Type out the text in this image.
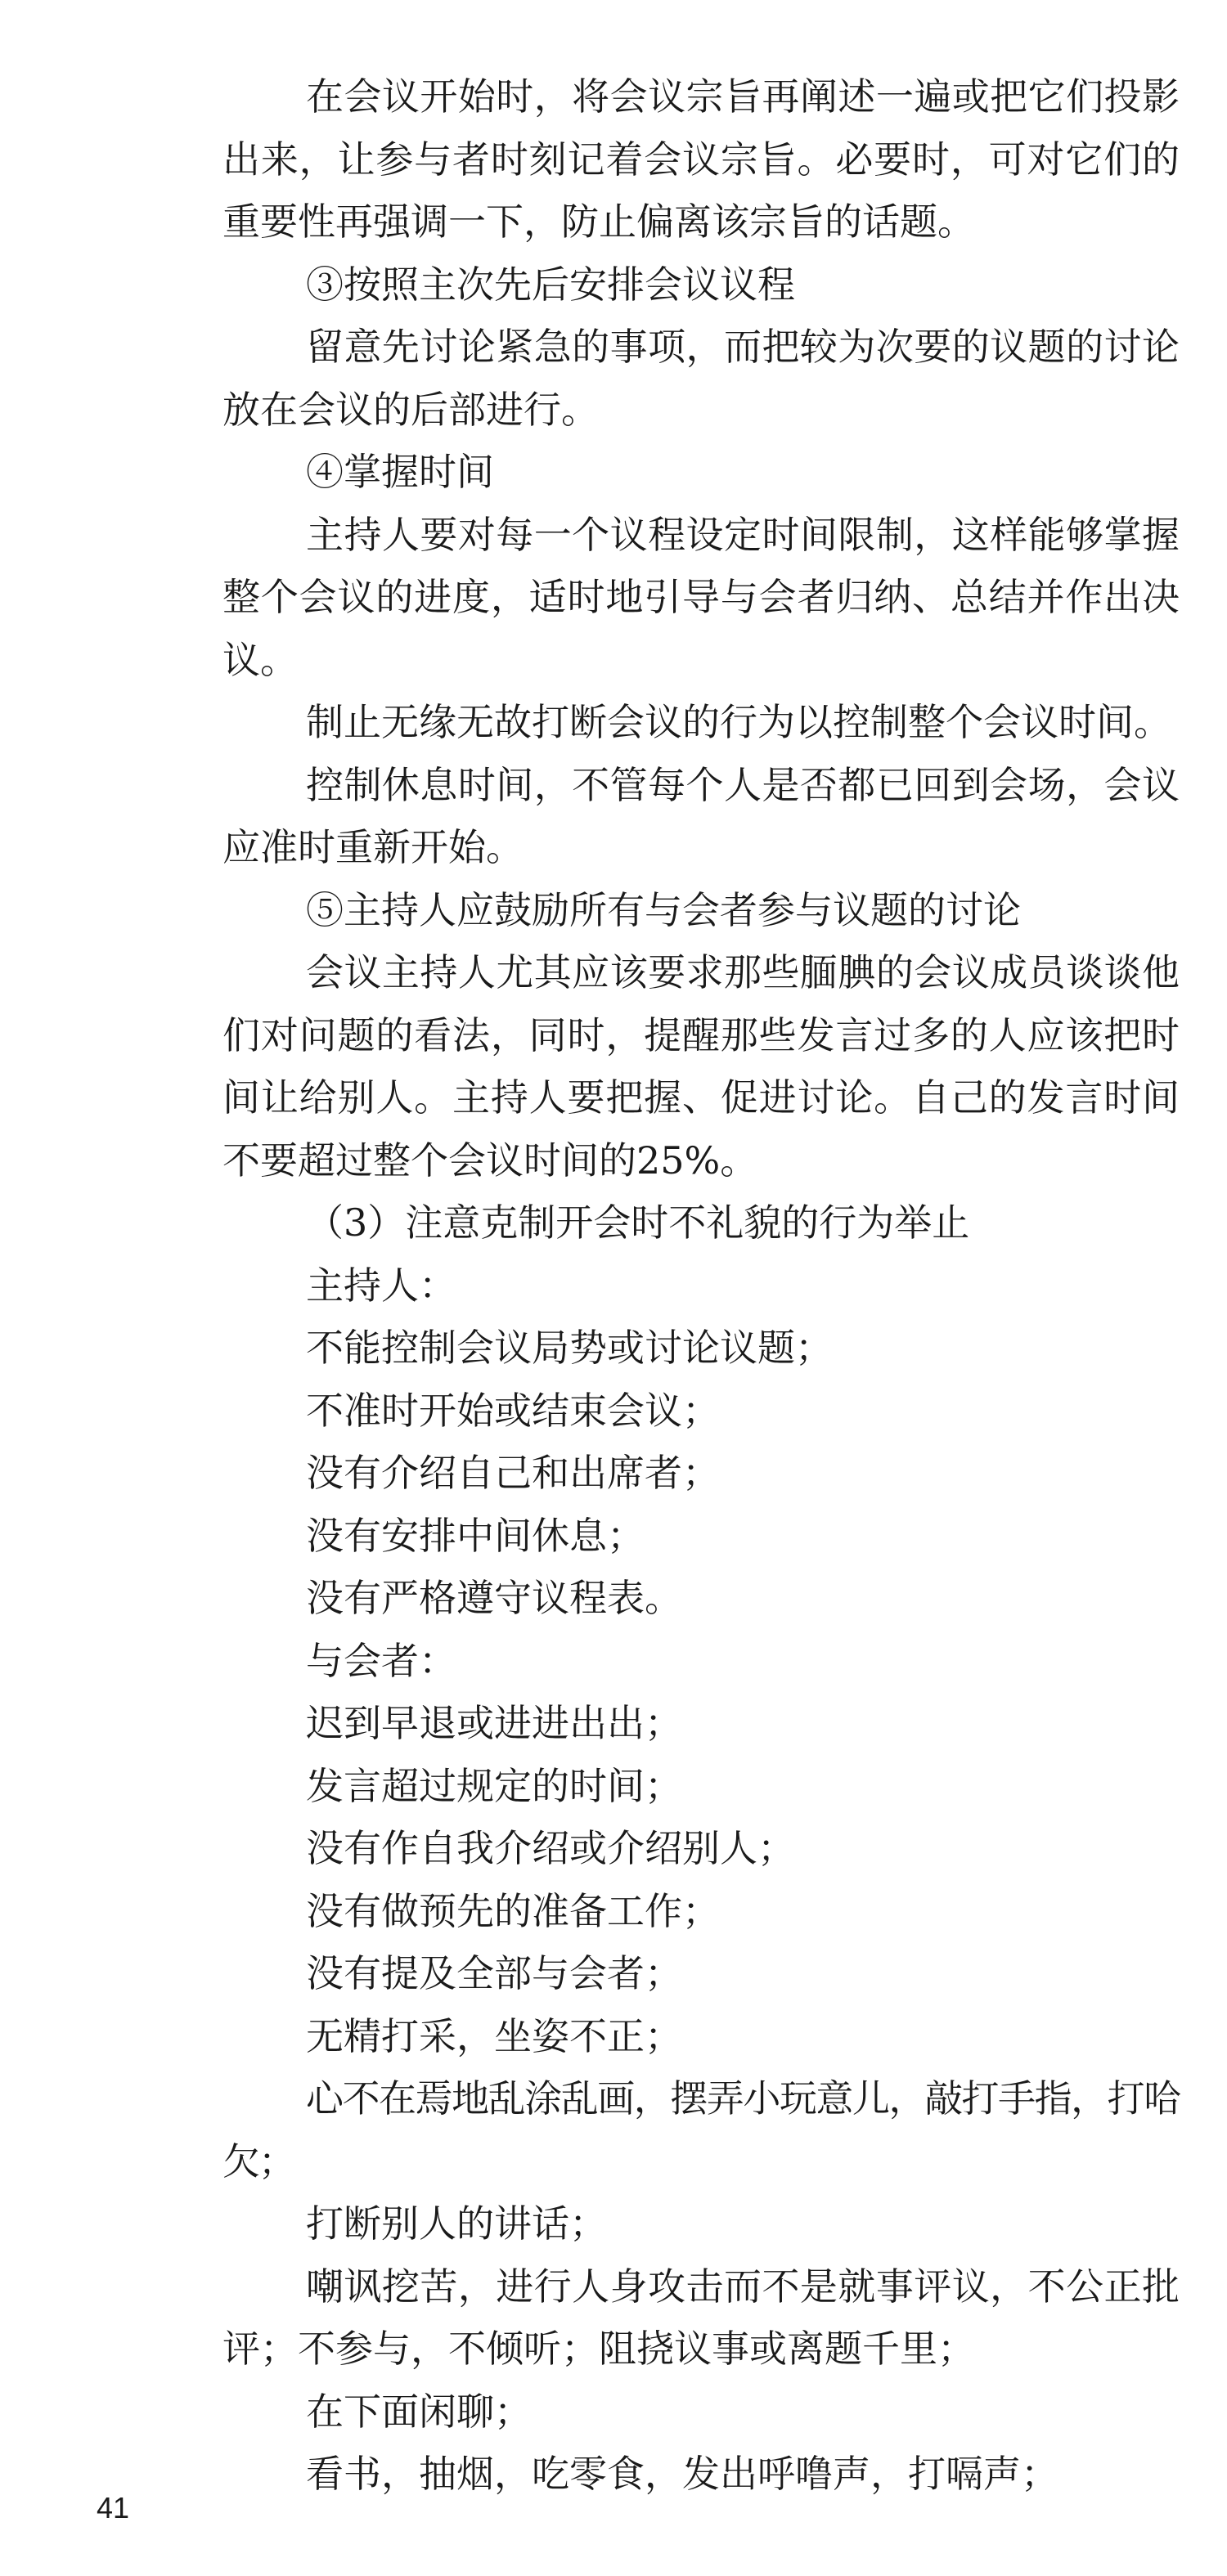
在会议开始时，将会议宗旨再阐述一遍或把它们投影出来，让参与者时刻记着会议宗旨。必要时，可对它们的重要性再强调一下，防止偏离该宗旨的话题。

③按照主次先后安排会议议程

留意先讨论紧急的事项，而把较为次要的议题的讨论放在会议的后部进行。

④掌握时间

主持人要对每一个议程设定时间限制，这样能够掌握整个会议的进度，适时地引导与会者归纳、总结并作出决议。

制止无缘无故打断会议的行为以控制整个会议时间。

控制休息时间，不管每个人是否都已回到会场，会议应准时重新开始。

⑤主持人应鼓励所有与会者参与议题的讨论

会议主持人尤其应该要求那些腼腆的会议成员谈谈他们对问题的看法，同时，提醒那些发言过多的人应该把时间让给别人。主持人要把握、促进讨论。自己的发言时间不要超过整个会议时间的25%。

（3）注意克制开会时不礼貌的行为举止

主持人：

不能控制会议局势或讨论议题；

不准时开始或结束会议；

没有介绍自己和出席者；

没有安排中间休息；

没有严格遵守议程表。

与会者：

迟到早退或进进出出；

发言超过规定的时间；

没有作自我介绍或介绍别人；

没有做预先的准备工作；

没有提及全部与会者；

无精打采，坐姿不正；

心不在焉地乱涂乱画，摆弄小玩意儿，敲打手指，打哈欠；

打断别人的讲话；

嘲讽挖苦，进行人身攻击而不是就事评议，不公正批评；不参与，不倾听；阻挠议事或离题千里；

在下面闲聊；

看书，抽烟，吃零食，发出呼噜声，打嗝声；

41
